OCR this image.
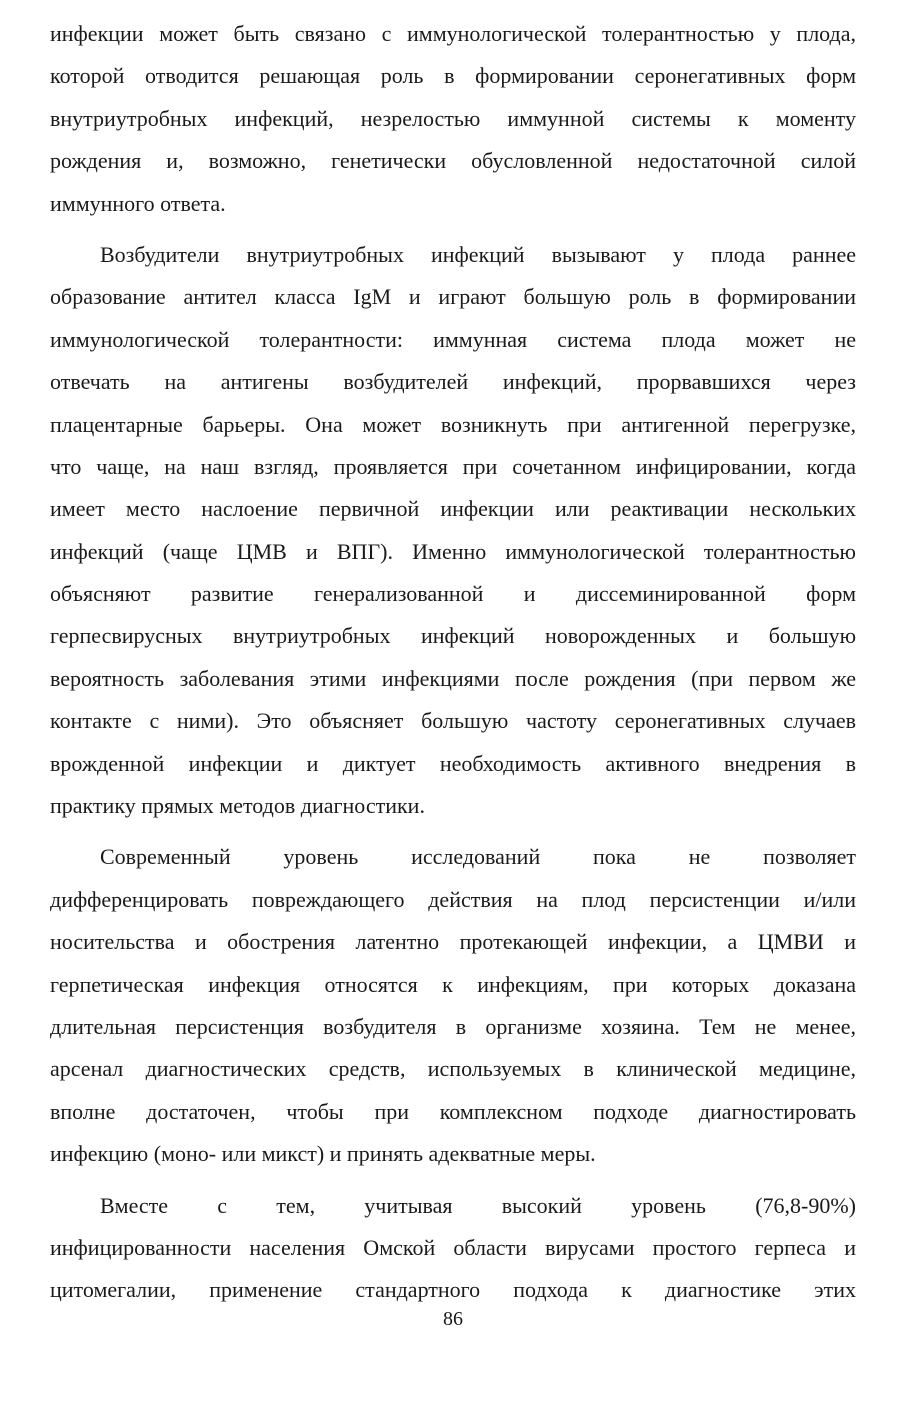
инфекции может быть связано с иммунологической толерантностью у плода,
которой отводится решающая роль в формировании серонегативных форм
внутриутробных инфекций, незрелостью иммунной системы к моменту
рождения и, возможно, генетически обусловленной недостаточной силой
иммунного ответа.
Возбудители внутриутробных инфекций вызывают у плода раннее
образование антител класса IgM и играют большую роль в формировании
иммунологической толерантности: иммунная система плода может не
отвечать на антигены возбудителей инфекций, прорвавшихся через
плацентарные барьеры. Она может возникнуть при антигенной перегрузке,
что чаще, на наш взгляд, проявляется при сочетанном инфицировании, когда
имеет место наслоение первичной инфекции или реактивации нескольких
инфекций (чаще ЦМВ и ВПГ). Именно иммунологической толерантностью
объясняют развитие генерализованной и диссеминированной форм
герпесвирусных внутриутробных инфекций новорожденных и большую
вероятность заболевания этими инфекциями после рождения (при первом же
контакте с ними). Это объясняет большую частоту серонегативных случаев
врожденной инфекции и диктует необходимость активного внедрения в
практику прямых методов диагностики.
Современный уровень исследований пока не позволяет
дифференцировать повреждающего действия на плод персистенции и/или
носительства и обострения латентно протекающей инфекции, а ЦМВИ и
герпетическая инфекция относятся к инфекциям, при которых доказана
длительная персистенция возбудителя в организме хозяина. Тем не менее,
арсенал диагностических средств, используемых в клинической медицине,
вполне достаточен, чтобы при комплексном подходе диагностировать
инфекцию (моно- или микст) и принять адекватные меры.
Вместе с тем, учитывая высокий уровень (76,8-90%)
инфицированности населения Омской области вирусами простого герпеса и
цитомегалии, применение стандартного подхода к диагностике этих
86
